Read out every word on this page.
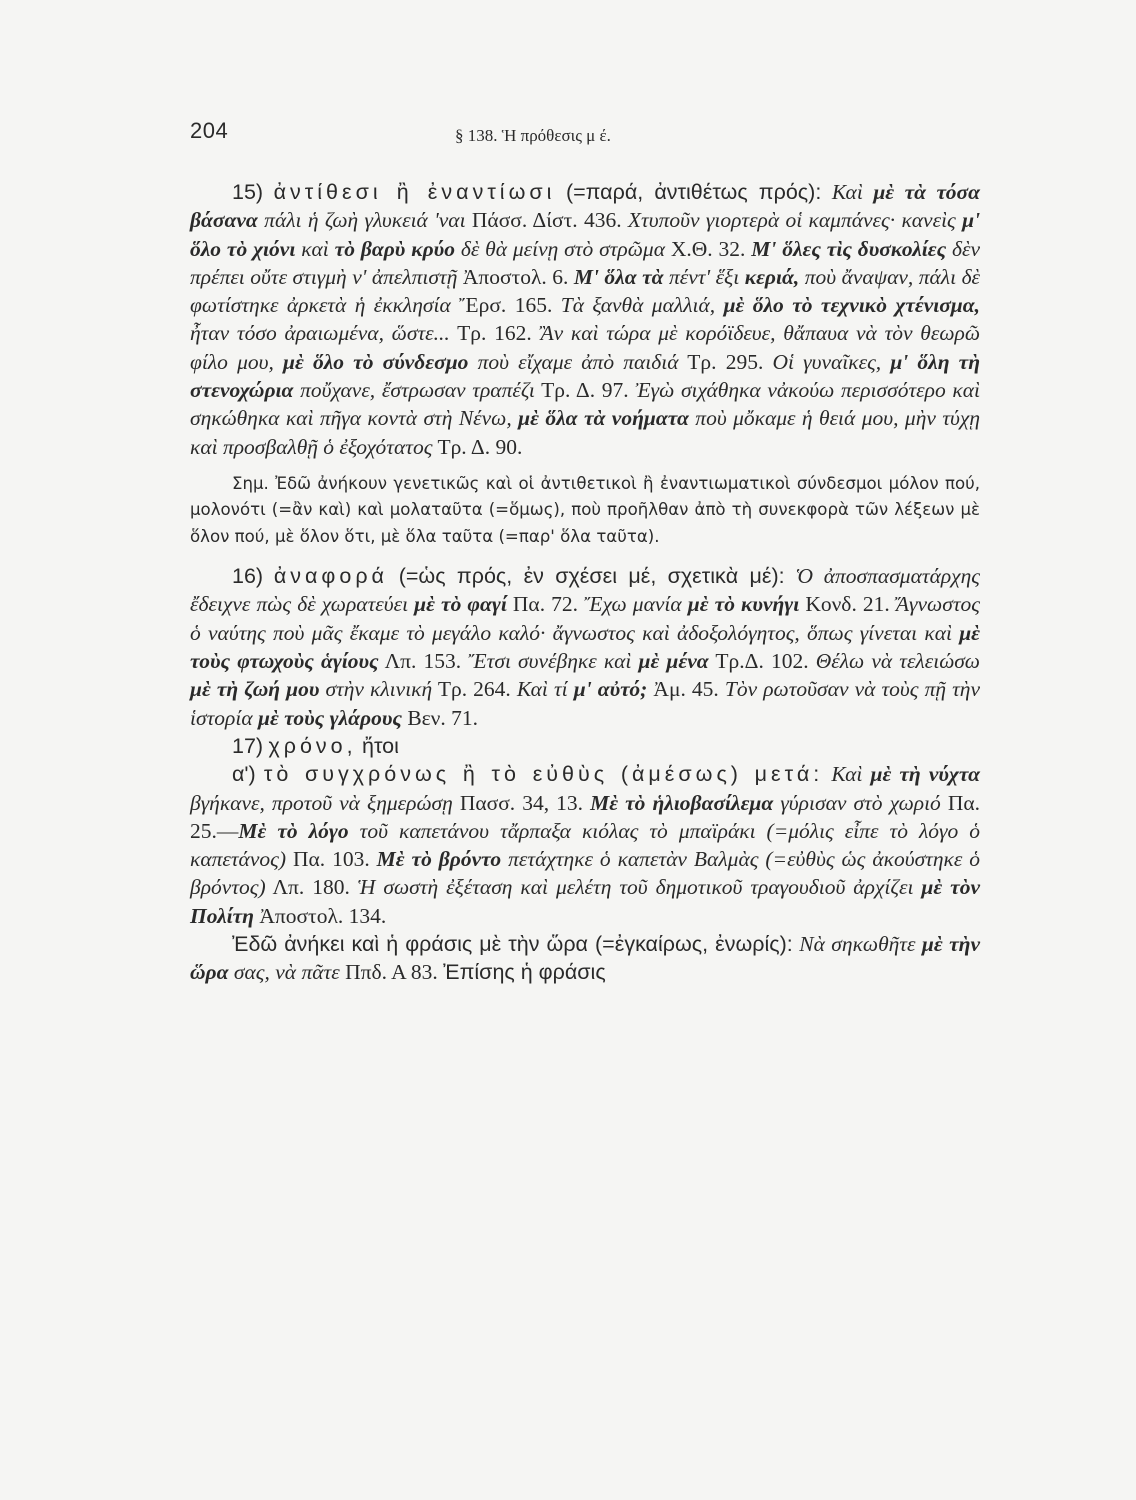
204	§ 138. Ἡ πρόθεσις μ έ.

15) ἀντίθεσι ἢ ἐναντίωσι (=παρά, ἀντιθέτως πρός): Καὶ μὲ τὰ τόσα βάσανα πάλι ἡ ζωὴ γλυκειά 'ναι Πάσσ. Δίστ. 436. Χτυποῦν γιορτερὰ οἱ καμπάνες· κανεὶς μ' ὅλο τὸ χιόνι καὶ τὸ βαρὺ κρύο δὲ θὰ μείνῃ στὸ στρῶμα Χ.Θ. 32. Μ' ὅλες τὶς δυσκολίες δὲν πρέπει οὔτε στιγμὴ ν' ἀπελπιστῇ Ἀποστολ. 6. Μ' ὅλα τὰ πέντ' ἕξι κεριά, ποὺ ἄναψαν, πάλι δὲ φωτίστηκε ἀρκετὰ ἡ ἐκκλησία Ἔρσ. 165. Τὰ ξανθὰ μαλλιά, μὲ ὅλο τὸ τεχνικὸ χτένισμα, ἦταν τόσο ἀραιωμένα, ὥστε... Τρ. 162. Ἂν καὶ τώρα μὲ κορόϊδευε, θἄπαυα νὰ τὸν θεωρῶ φίλο μου, μὲ ὅλο τὸ σύνδεσμο ποὺ εἴχαμε ἀπὸ παιδιά Τρ. 295. Οἱ γυναῖκες, μ' ὅλη τὴ στενοχώρια ποὔχανε, ἔστρωσαν τραπέζι Τρ. Δ. 97. Ἐγὼ σιχάθηκα νἀκούω περισσότερο καὶ σηκώθηκα καὶ πῆγα κοντὰ στὴ Νένω, μὲ ὅλα τὰ νοήματα ποὺ μὄκαμε ἡ θειά μου, μὴν τύχῃ καὶ προσβαλθῇ ὁ ἐξοχότατος Τρ. Δ. 90.

Σημ. Ἐδῶ ἀνήκουν γενετικῶς καὶ οἱ ἀντιθετικοὶ ἢ ἐναντιωματικοὶ σύνδεσμοι μόλον πού, μολονότι (=ἂν καὶ) καὶ μολαταῦτα (=ὅμως), ποὺ προῆλθαν ἀπὸ τὴ συνεκφορὰ τῶν λέξεων μὲ ὅλον πού, μὲ ὅλον ὅτι, μὲ ὅλα ταῦτα (=παρ' ὅλα ταῦτα).

16) ἀναφορά (=ὡς πρός, ἐν σχέσει μέ, σχετικὰ μέ): Ὁ ἀποσπασματάρχης ἔδειχνε πὼς δὲ χωρατεύει μὲ τὸ φαγί Πα. 72. Ἔχω μανία μὲ τὸ κυνήγι Κονδ. 21. Ἄγνωστος ὁ ναύτης ποὺ μᾶς ἔκαμε τὸ μεγάλο καλό· ἄγνωστος καὶ ἀδοξολόγητος, ὅπως γίνεται καὶ μὲ τοὺς φτωχοὺς ἁγίους Λπ. 153. Ἔτσι συνέβηκε καὶ μὲ μένα Τρ.Δ. 102. Θέλω νὰ τελειώσω μὲ τὴ ζωή μου στὴν κλινική Τρ. 264. Καὶ τί μ' αὐτό; Ἀμ. 45. Τὸν ρωτοῦσαν νὰ τοὺς πῇ τὴν ἱστορία μὲ τοὺς γλάρους Βεν. 71.

17) χρόνο, ἤτοι

α') τὸ συγχρόνως ἢ τὸ εὐθὺς (ἀμέσως) μετά: Καὶ μὲ τὴ νύχτα βγήκανε, προτοῦ νὰ ξημερώσῃ Πασσ. 34, 13. Μὲ τὸ ἡλιοβασίλεμα γύρισαν στὸ χωριό Πα. 25.—Μὲ τὸ λόγο τοῦ καπετάνου τἄρπαξα κιόλας τὸ μπαϊράκι (=μόλις εἶπε τὸ λόγο ὁ καπετάνος) Πα. 103. Μὲ τὸ βρόντο πετάχτηκε ὁ καπετὰν Βαλμὰς (=εὐθὺς ὡς ἀκούστηκε ὁ βρόντος) Λπ. 180. Ἡ σωστὴ ἐξέταση καὶ μελέτη τοῦ δημοτικοῦ τραγουδιοῦ ἀρχίζει μὲ τὸν Πολίτη Ἀποστολ. 134.

Ἐδῶ ἀνήκει καὶ ἡ φράσις μὲ τὴν ὥρα (=ἐγκαίρως, ἐνωρίς): Νὰ σηκωθῆτε μὲ τὴν ὥρα σας, νὰ πᾶτε Ππδ. Α 83. Ἐπίσης ἡ φράσις
